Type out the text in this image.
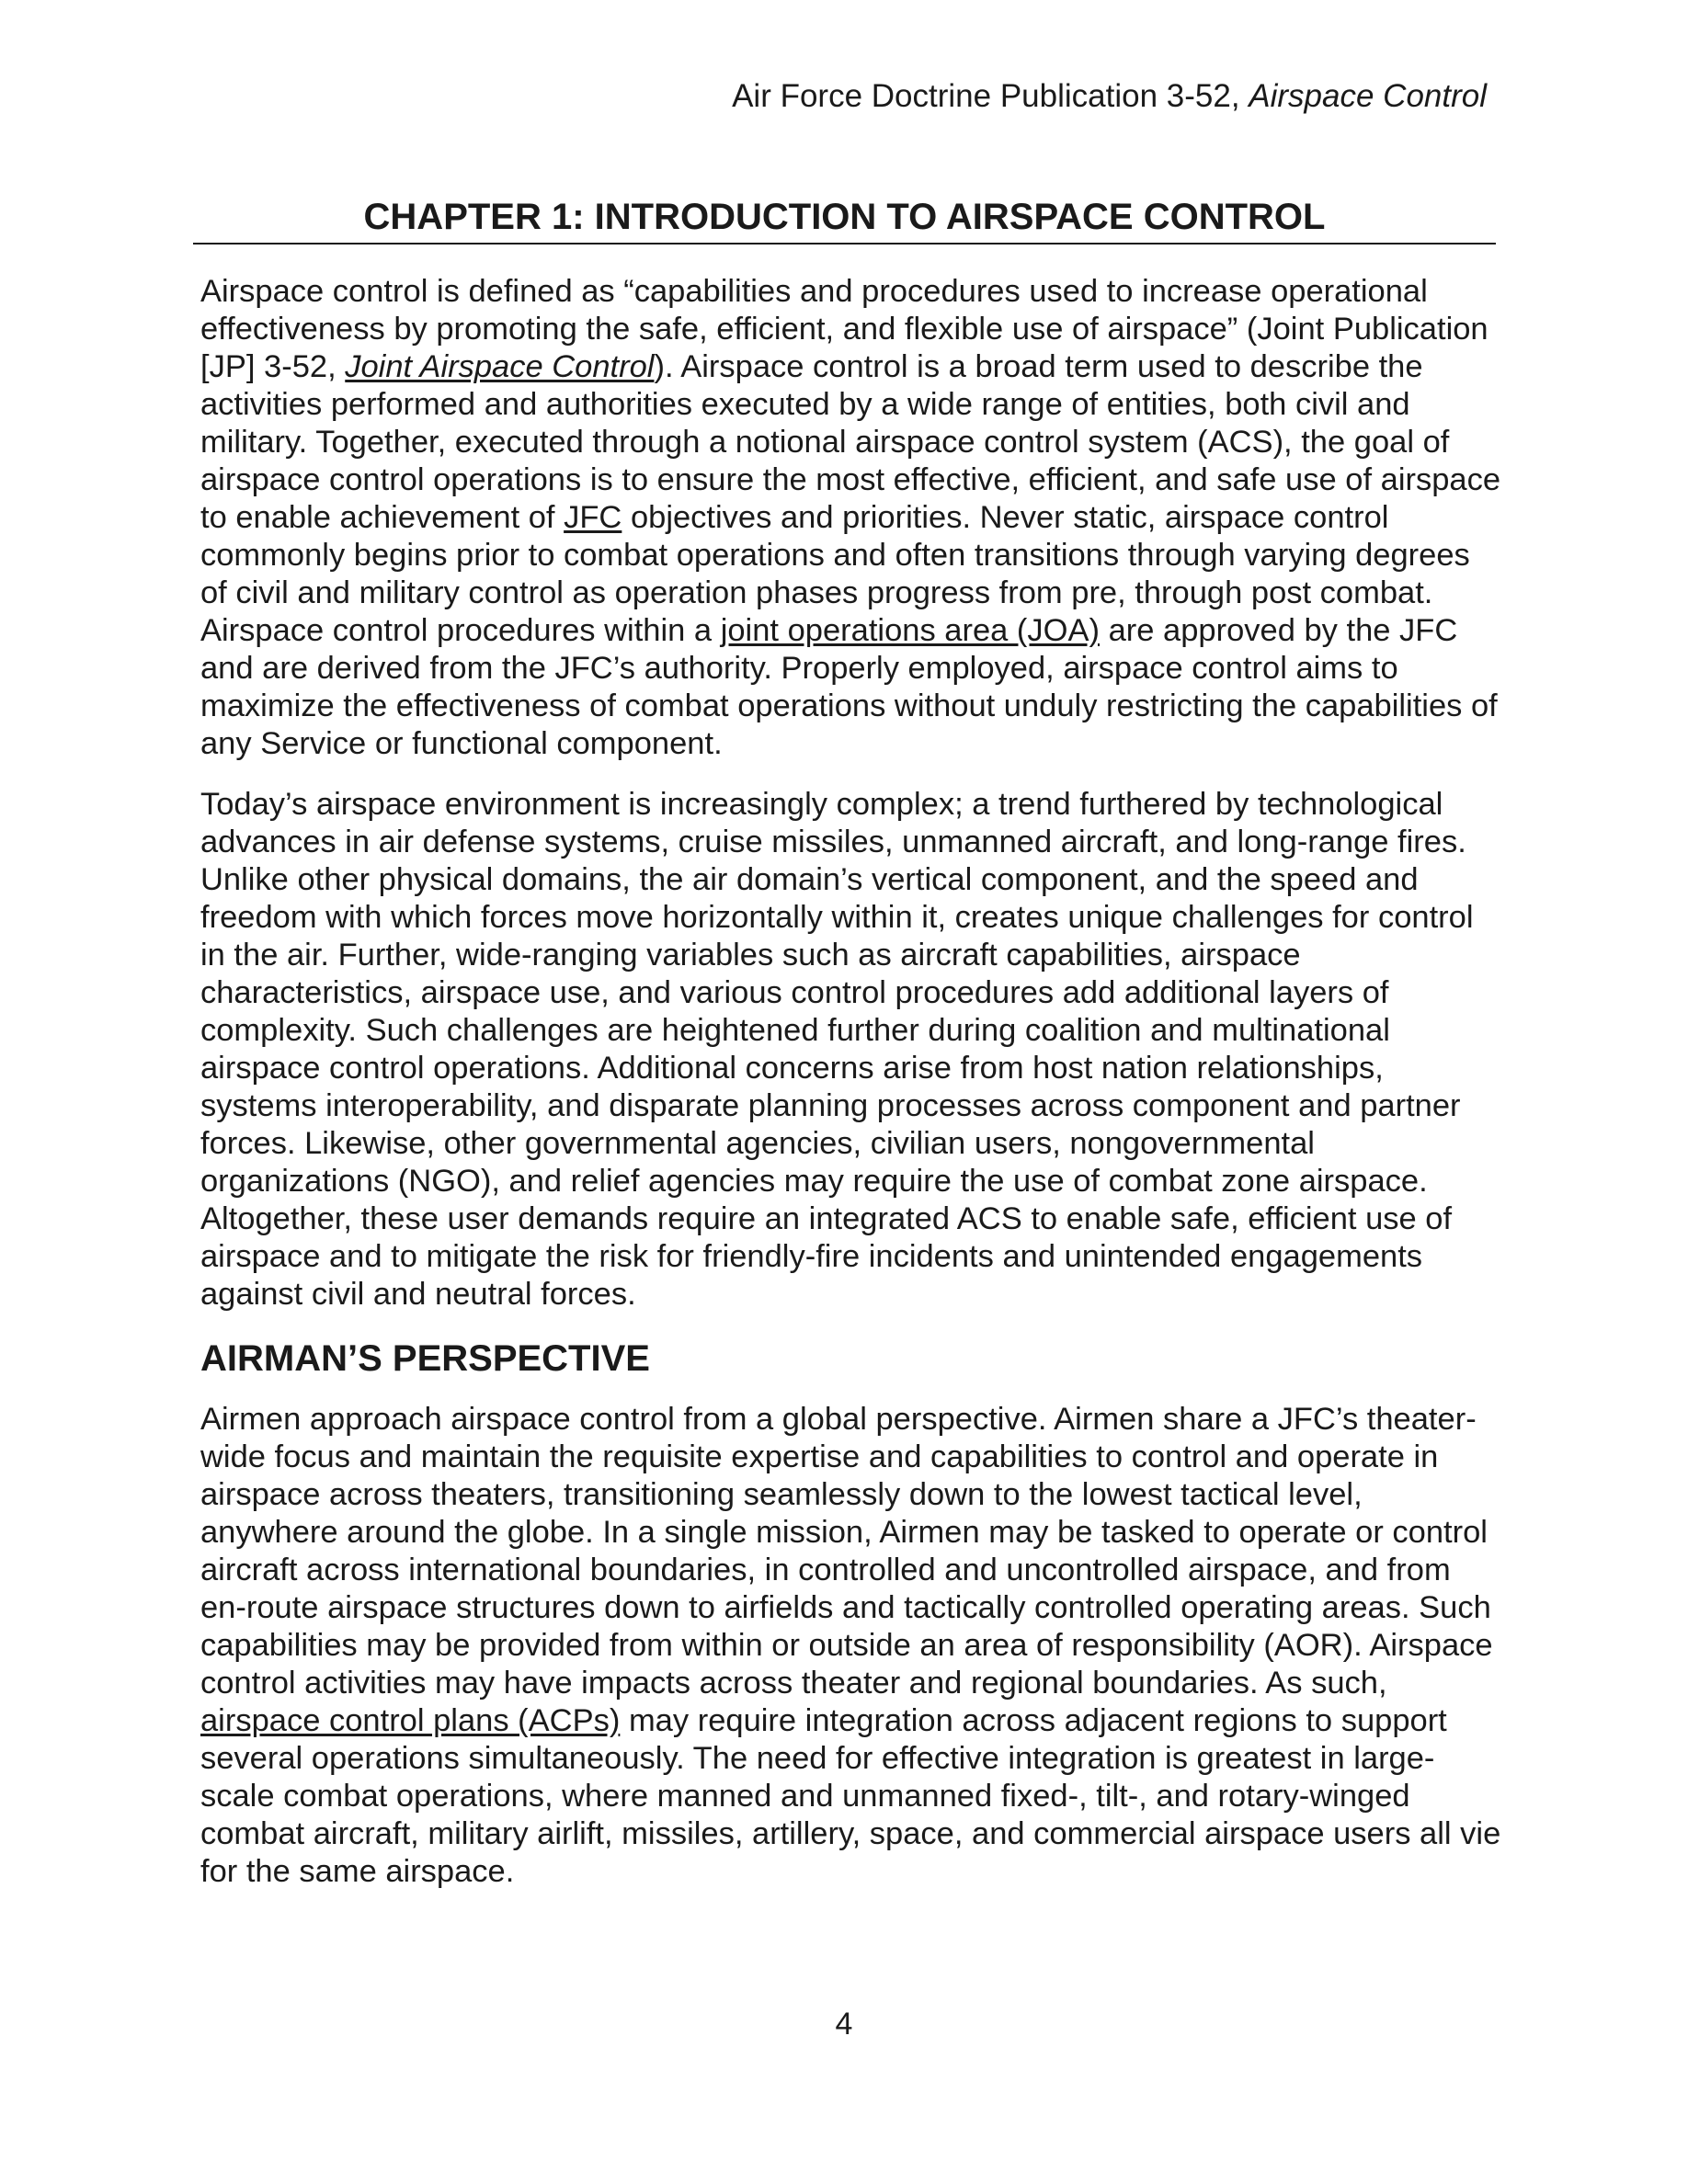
Air Force Doctrine Publication 3-52, Airspace Control
CHAPTER 1: INTRODUCTION TO AIRSPACE CONTROL

Airspace control is defined as “capabilities and procedures used to increase operational effectiveness by promoting the safe, efficient, and flexible use of airspace” (Joint Publication [JP] 3-52, Joint Airspace Control). Airspace control is a broad term used to describe the activities performed and authorities executed by a wide range of entities, both civil and military. Together, executed through a notional airspace control system (ACS), the goal of airspace control operations is to ensure the most effective, efficient, and safe use of airspace to enable achievement of JFC objectives and priorities. Never static, airspace control commonly begins prior to combat operations and often transitions through varying degrees of civil and military control as operation phases progress from pre, through post combat. Airspace control procedures within a joint operations area (JOA) are approved by the JFC and are derived from the JFC’s authority. Properly employed, airspace control aims to maximize the effectiveness of combat operations without unduly restricting the capabilities of any Service or functional component.

Today’s airspace environment is increasingly complex; a trend furthered by technological advances in air defense systems, cruise missiles, unmanned aircraft, and long-range fires. Unlike other physical domains, the air domain’s vertical component, and the speed and freedom with which forces move horizontally within it, creates unique challenges for control in the air. Further, wide-ranging variables such as aircraft capabilities, airspace characteristics, airspace use, and various control procedures add additional layers of complexity. Such challenges are heightened further during coalition and multinational airspace control operations. Additional concerns arise from host nation relationships, systems interoperability, and disparate planning processes across component and partner forces. Likewise, other governmental agencies, civilian users, nongovernmental organizations (NGO), and relief agencies may require the use of combat zone airspace. Altogether, these user demands require an integrated ACS to enable safe, efficient use of airspace and to mitigate the risk for friendly-fire incidents and unintended engagements against civil and neutral forces.

AIRMAN’S PERSPECTIVE

Airmen approach airspace control from a global perspective. Airmen share a JFC’s theater-wide focus and maintain the requisite expertise and capabilities to control and operate in airspace across theaters, transitioning seamlessly down to the lowest tactical level, anywhere around the globe. In a single mission, Airmen may be tasked to operate or control aircraft across international boundaries, in controlled and uncontrolled airspace, and from en-route airspace structures down to airfields and tactically controlled operating areas. Such capabilities may be provided from within or outside an area of responsibility (AOR). Airspace control activities may have impacts across theater and regional boundaries. As such, airspace control plans (ACPs) may require integration across adjacent regions to support several operations simultaneously. The need for effective integration is greatest in large-scale combat operations, where manned and unmanned fixed-, tilt-, and rotary-winged combat aircraft, military airlift, missiles, artillery, space, and commercial airspace users all vie for the same airspace.

4
